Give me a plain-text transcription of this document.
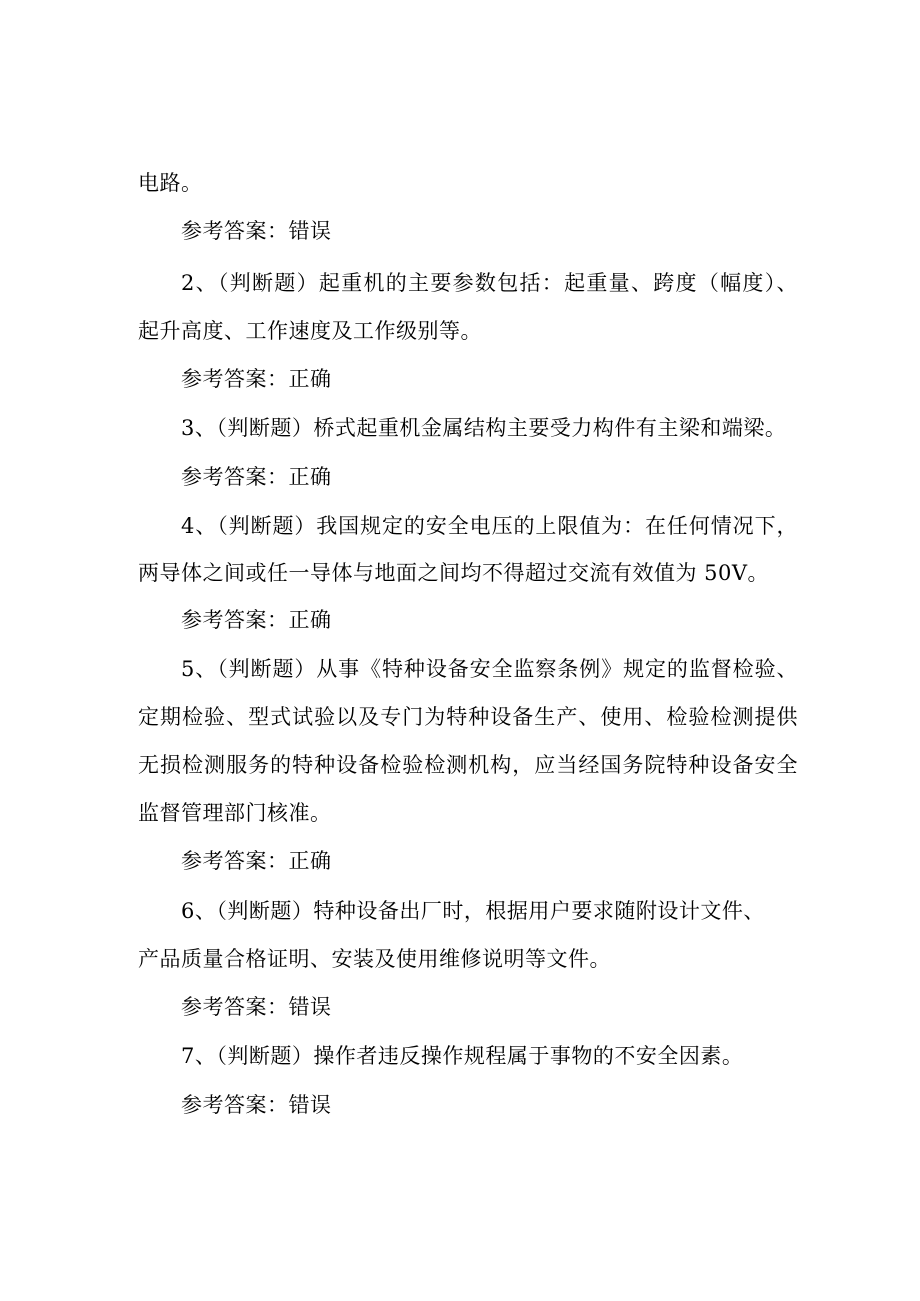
电路。
参考答案：错误
2、（判断题）起重机的主要参数包括：起重量、跨度（幅度）、
起升高度、工作速度及工作级别等。
参考答案：正确
3、（判断题）桥式起重机金属结构主要受力构件有主梁和端梁。
参考答案：正确
4、（判断题）我国规定的安全电压的上限值为：在任何情况下，
两导体之间或任一导体与地面之间均不得超过交流有效值为 50V。
参考答案：正确
5、（判断题）从事《特种设备安全监察条例》规定的监督检验、
定期检验、型式试验以及专门为特种设备生产、使用、检验检测提供
无损检测服务的特种设备检验检测机构，应当经国务院特种设备安全
监督管理部门核准。
参考答案：正确
6、（判断题）特种设备出厂时，根据用户要求随附设计文件、
产品质量合格证明、安装及使用维修说明等文件。
参考答案：错误
7、（判断题）操作者违反操作规程属于事物的不安全因素。
参考答案：错误
